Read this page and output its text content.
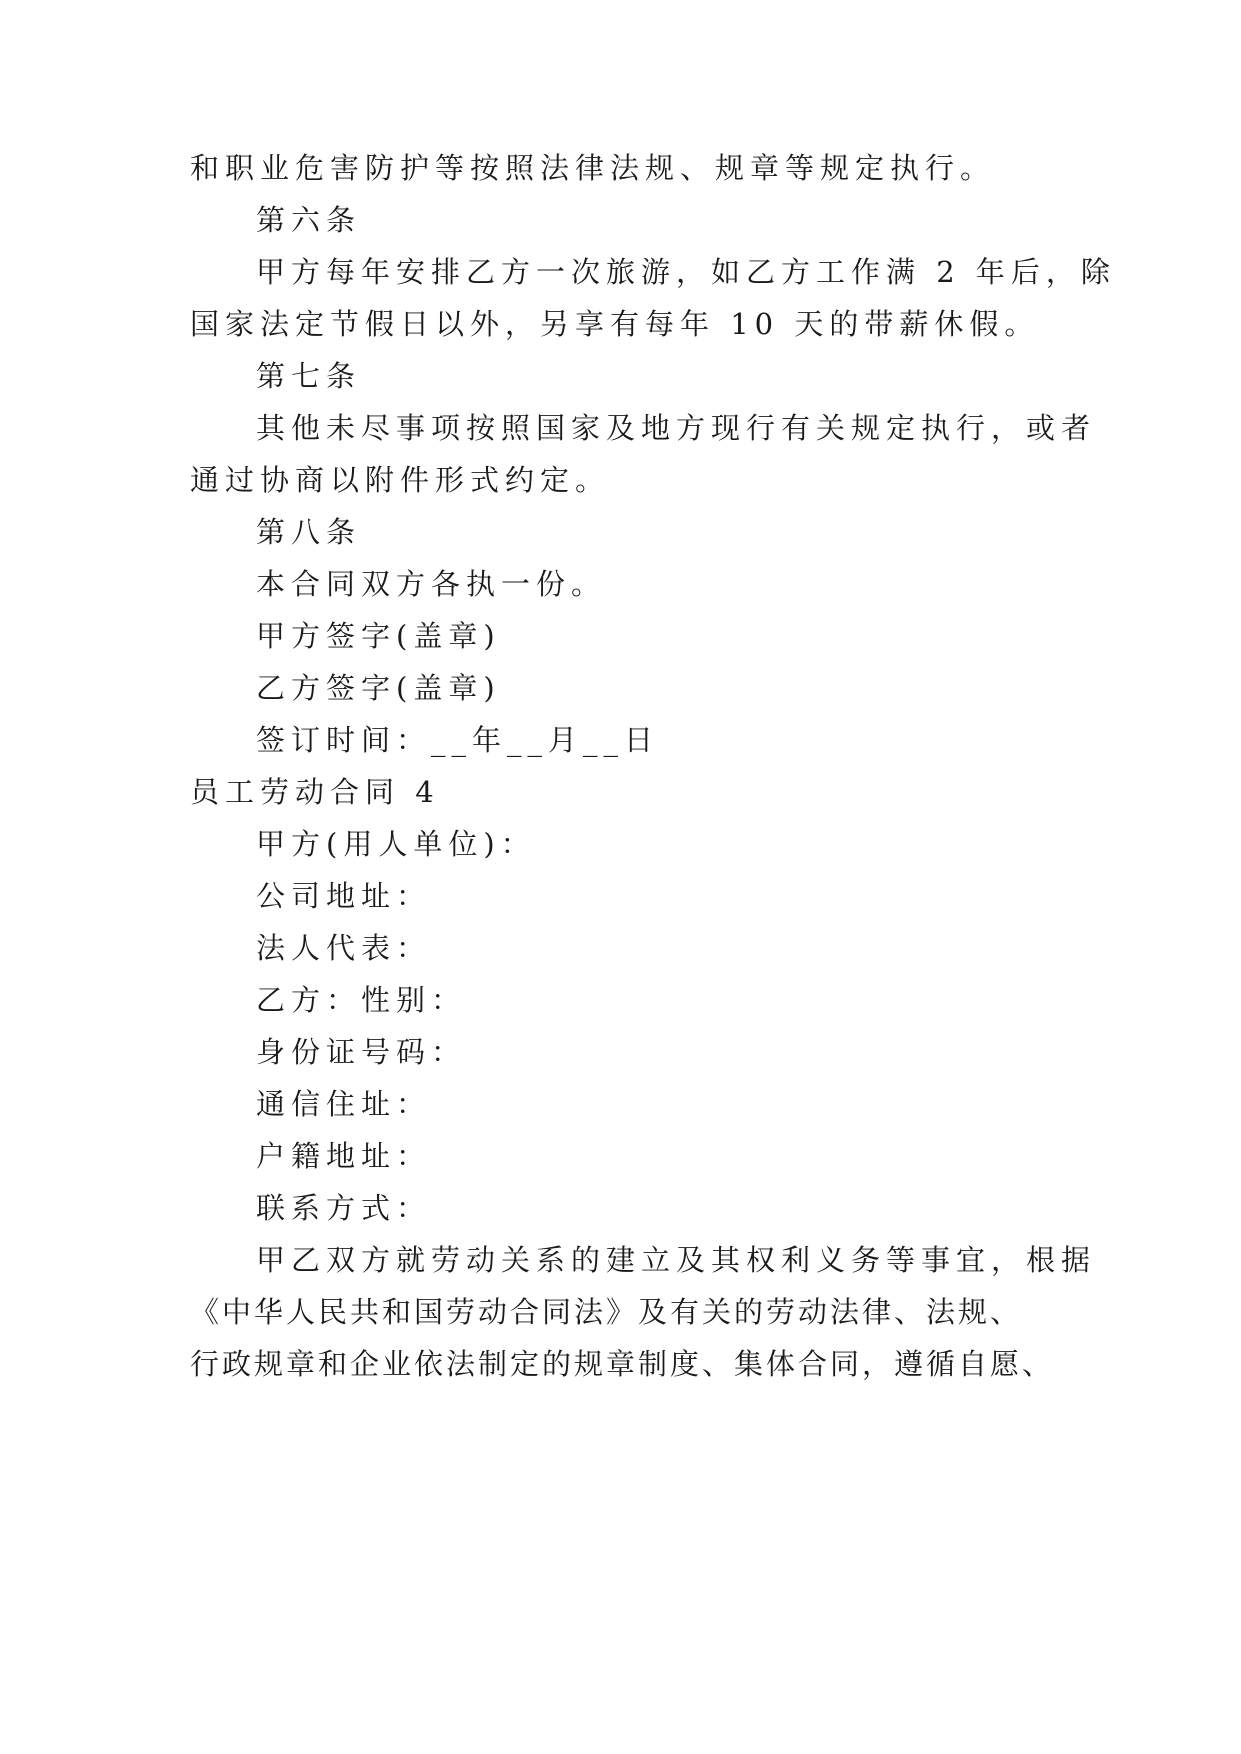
和职业危害防护等按照法律法规、规章等规定执行。
第六条
甲方每年安排乙方一次旅游，如乙方工作满 2 年后，除
国家法定节假日以外，另享有每年 10 天的带薪休假。
第七条
其他未尽事项按照国家及地方现行有关规定执行，或者
通过协商以附件形式约定。
第八条
本合同双方各执一份。
甲方签字(盖章)
乙方签字(盖章)
签订时间：__年__月__日
员工劳动合同 4
甲方(用人单位)：
公司地址：
法人代表：
乙方：性别：
身份证号码：
通信住址：
户籍地址：
联系方式：
甲乙双方就劳动关系的建立及其权利义务等事宜，根据
《中华人民共和国劳动合同法》及有关的劳动法律、法规、
行政规章和企业依法制定的规章制度、集体合同，遵循自愿、
